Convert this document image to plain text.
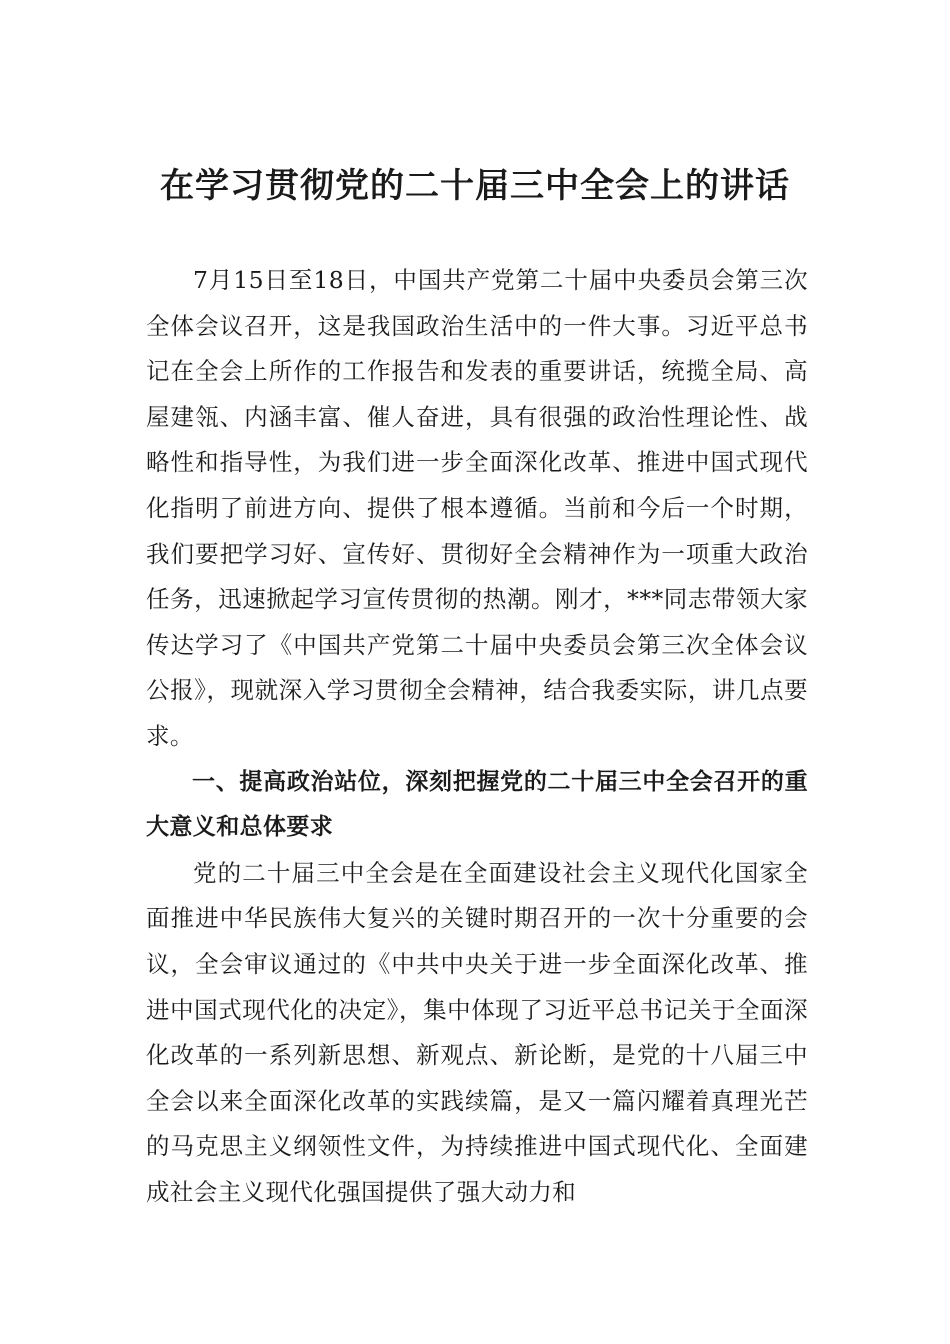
在学习贯彻党的二十届三中全会上的讲话

7月15日至18日，中国共产党第二十届中央委员会第三次全体会议召开，这是我国政治生活中的一件大事。习近平总书记在全会上所作的工作报告和发表的重要讲话，统揽全局、高屋建瓴、内涵丰富、催人奋进，具有很强的政治性理论性、战略性和指导性，为我们进一步全面深化改革、推进中国式现代化指明了前进方向、提供了根本遵循。当前和今后一个时期，我们要把学习好、宣传好、贯彻好全会精神作为一项重大政治任务，迅速掀起学习宣传贯彻的热潮。刚才，***同志带领大家传达学习了《中国共产党第二十届中央委员会第三次全体会议公报》，现就深入学习贯彻全会精神，结合我委实际，讲几点要求。

一、提高政治站位，深刻把握党的二十届三中全会召开的重大意义和总体要求

党的二十届三中全会是在全面建设社会主义现代化国家全面推进中华民族伟大复兴的关键时期召开的一次十分重要的会议，全会审议通过的《中共中央关于进一步全面深化改革、推进中国式现代化的决定》，集中体现了习近平总书记关于全面深化改革的一系列新思想、新观点、新论断，是党的十八届三中全会以来全面深化改革的实践续篇，是又一篇闪耀着真理光芒的马克思主义纲领性文件，为持续推进中国式现代化、全面建成社会主义现代化强国提供了强大动力和
